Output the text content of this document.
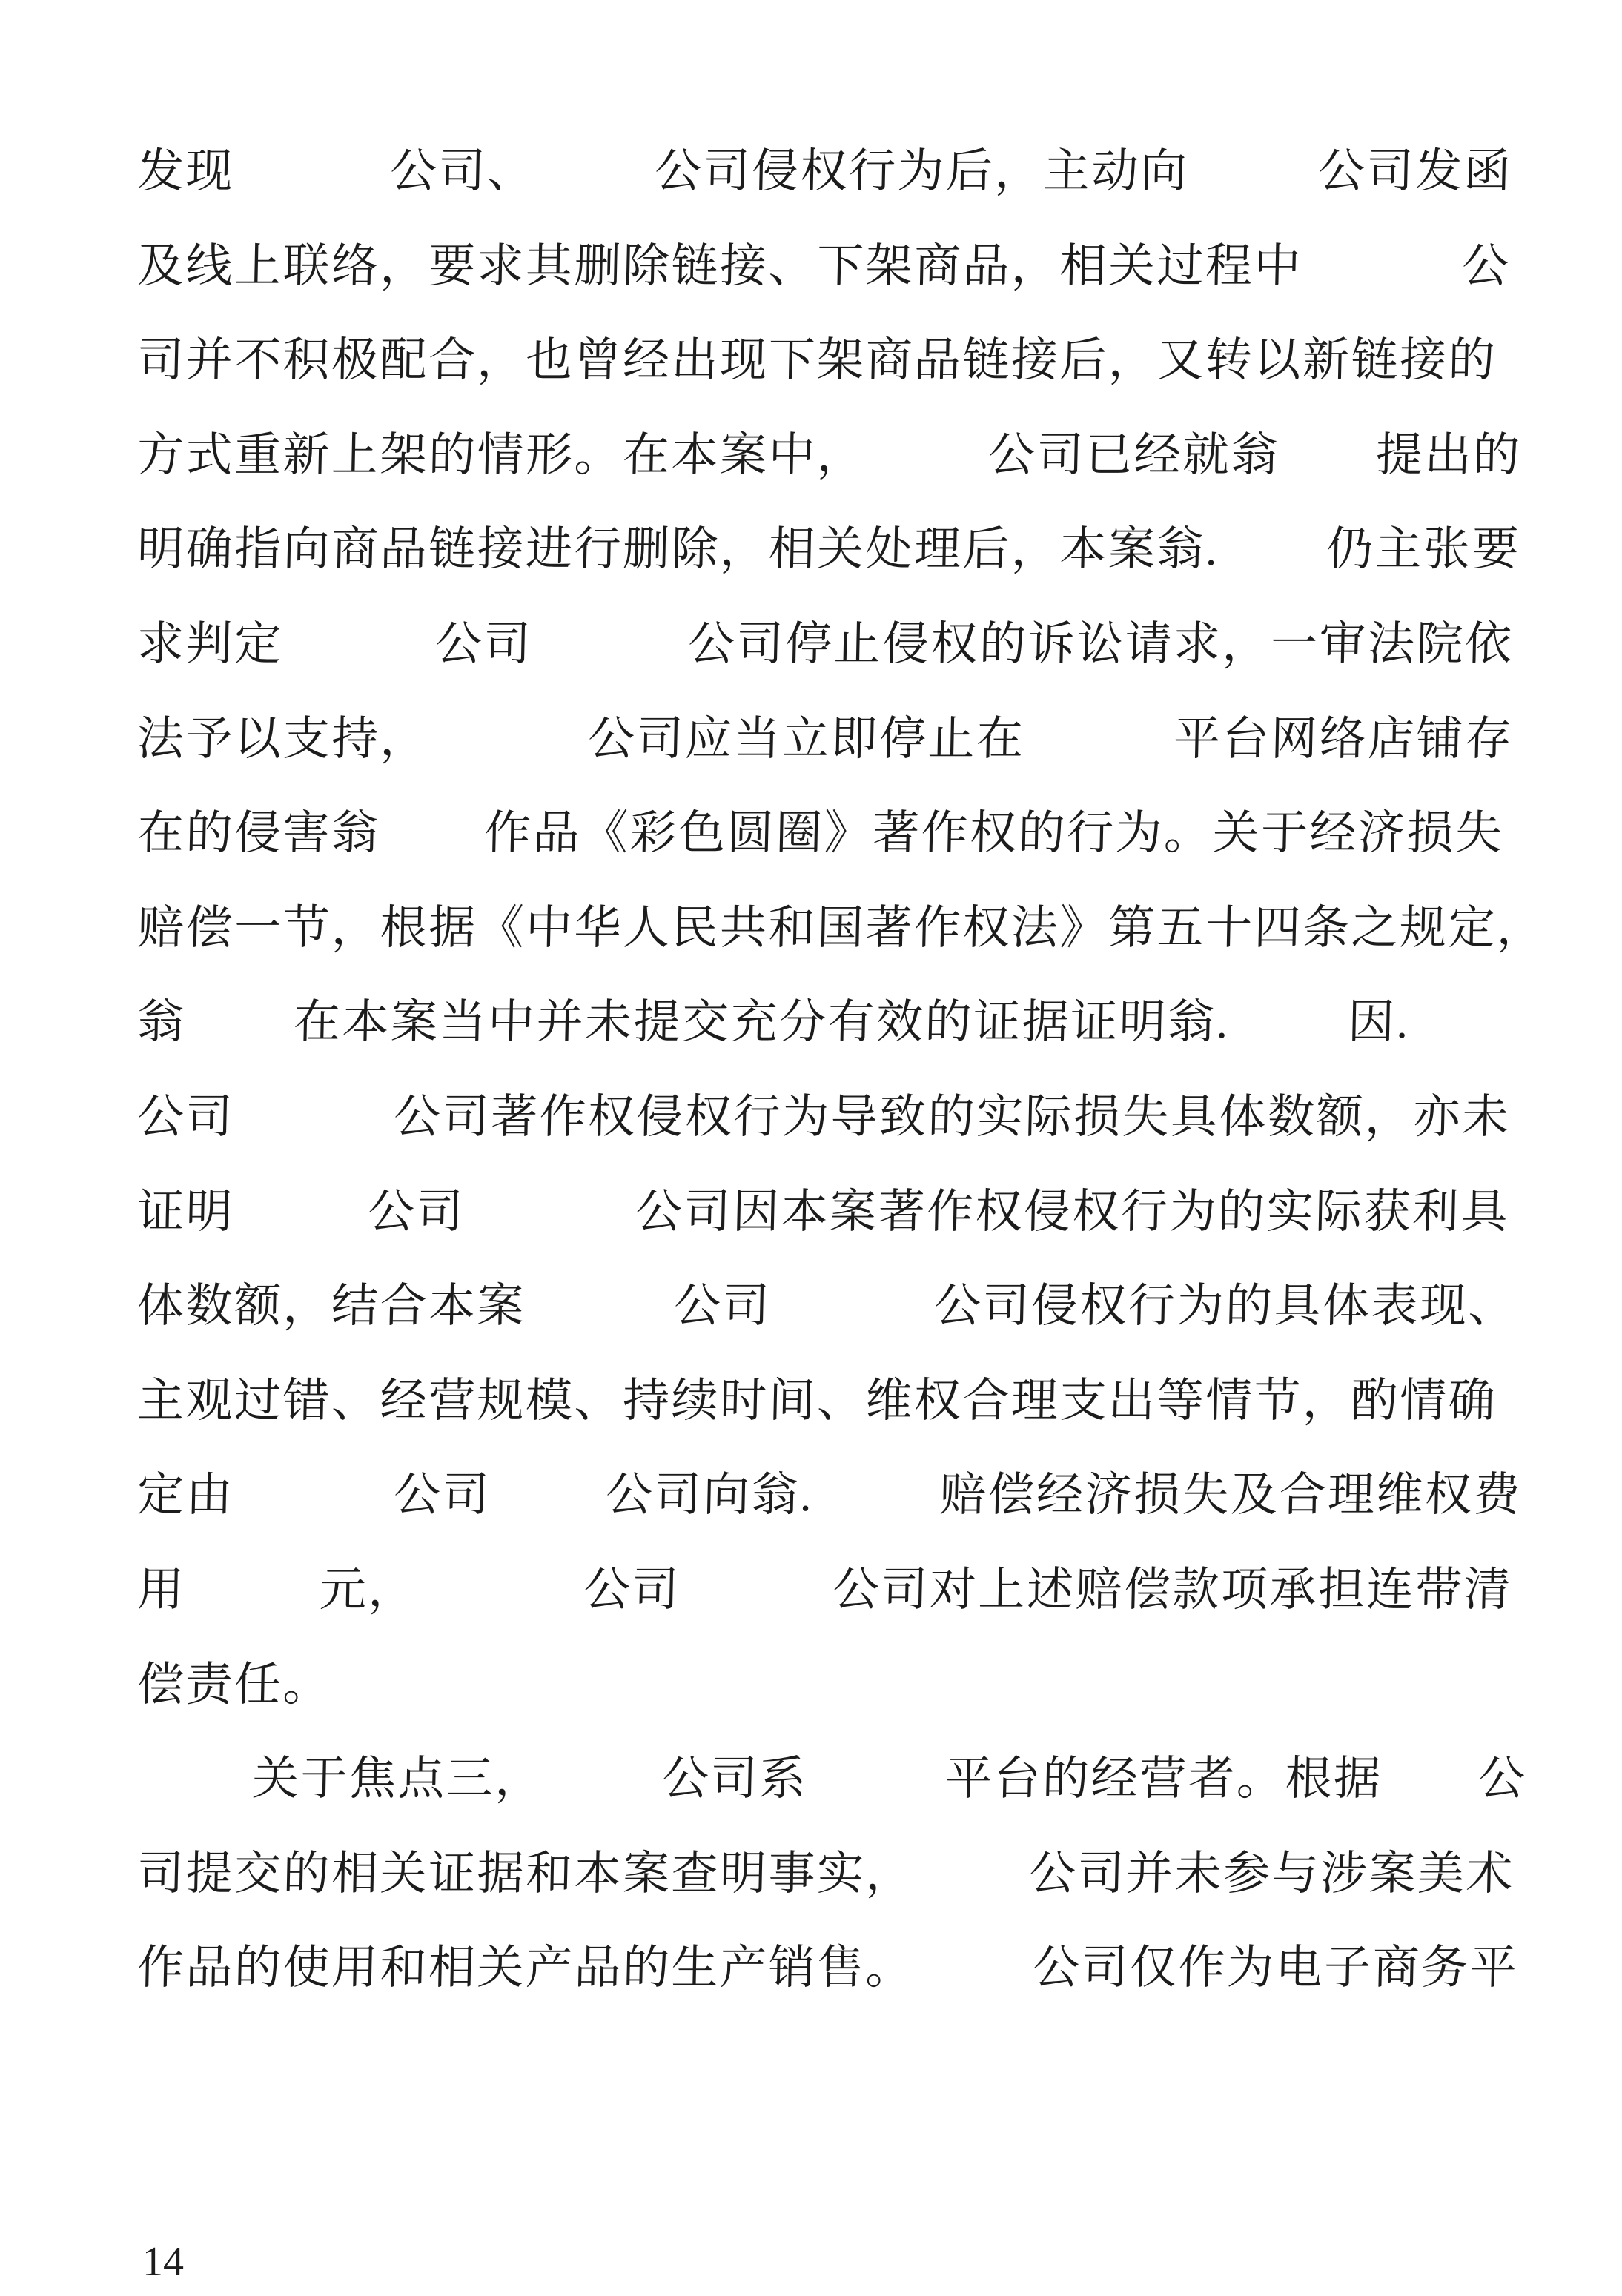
发现	公司、	公司侵权行为后，主动向	公司发函
及线上联络，要求其删除链接、下架商品，相关过程中	公
司并不积极配合，也曾经出现下架商品链接后，又转以新链接的
方式重新上架的情形。在本案中，	公司已经就翁 提出的
明确指向商品链接进行删除，相关处理后，本案翁. 仍主张要
求判定	公司	公司停止侵权的诉讼请求，一审法院依
法予以支持，	公司应当立即停止在	平台网络店铺存
在的侵害翁 作品《彩色圆圈》著作权的行为。关于经济损失
赔偿一节，根据《中华人民共和国著作权法》第五十四条之规定，
翁 在本案当中并未提交充分有效的证据证明翁.	因.
公司	公司著作权侵权行为导致的实际损失具体数额，亦未
证明	公司	公司因本案著作权侵权行为的实际获利具
体数额，结合本案	公司	公司侵权行为的具体表现、
主观过错、经营规模、持续时间、维权合理支出等情节，酌情确
定由	公司 公司向翁.	赔偿经济损失及合理维权费
用	元，	公司	公司对上述赔偿款项承担连带清
偿责任。
关于焦点三，	公司系	平台的经营者。根据 公
司提交的相关证据和本案查明事实， 公司并未参与涉案美术
作品的使用和相关产品的生产销售。	公司仅作为电子商务平
14
